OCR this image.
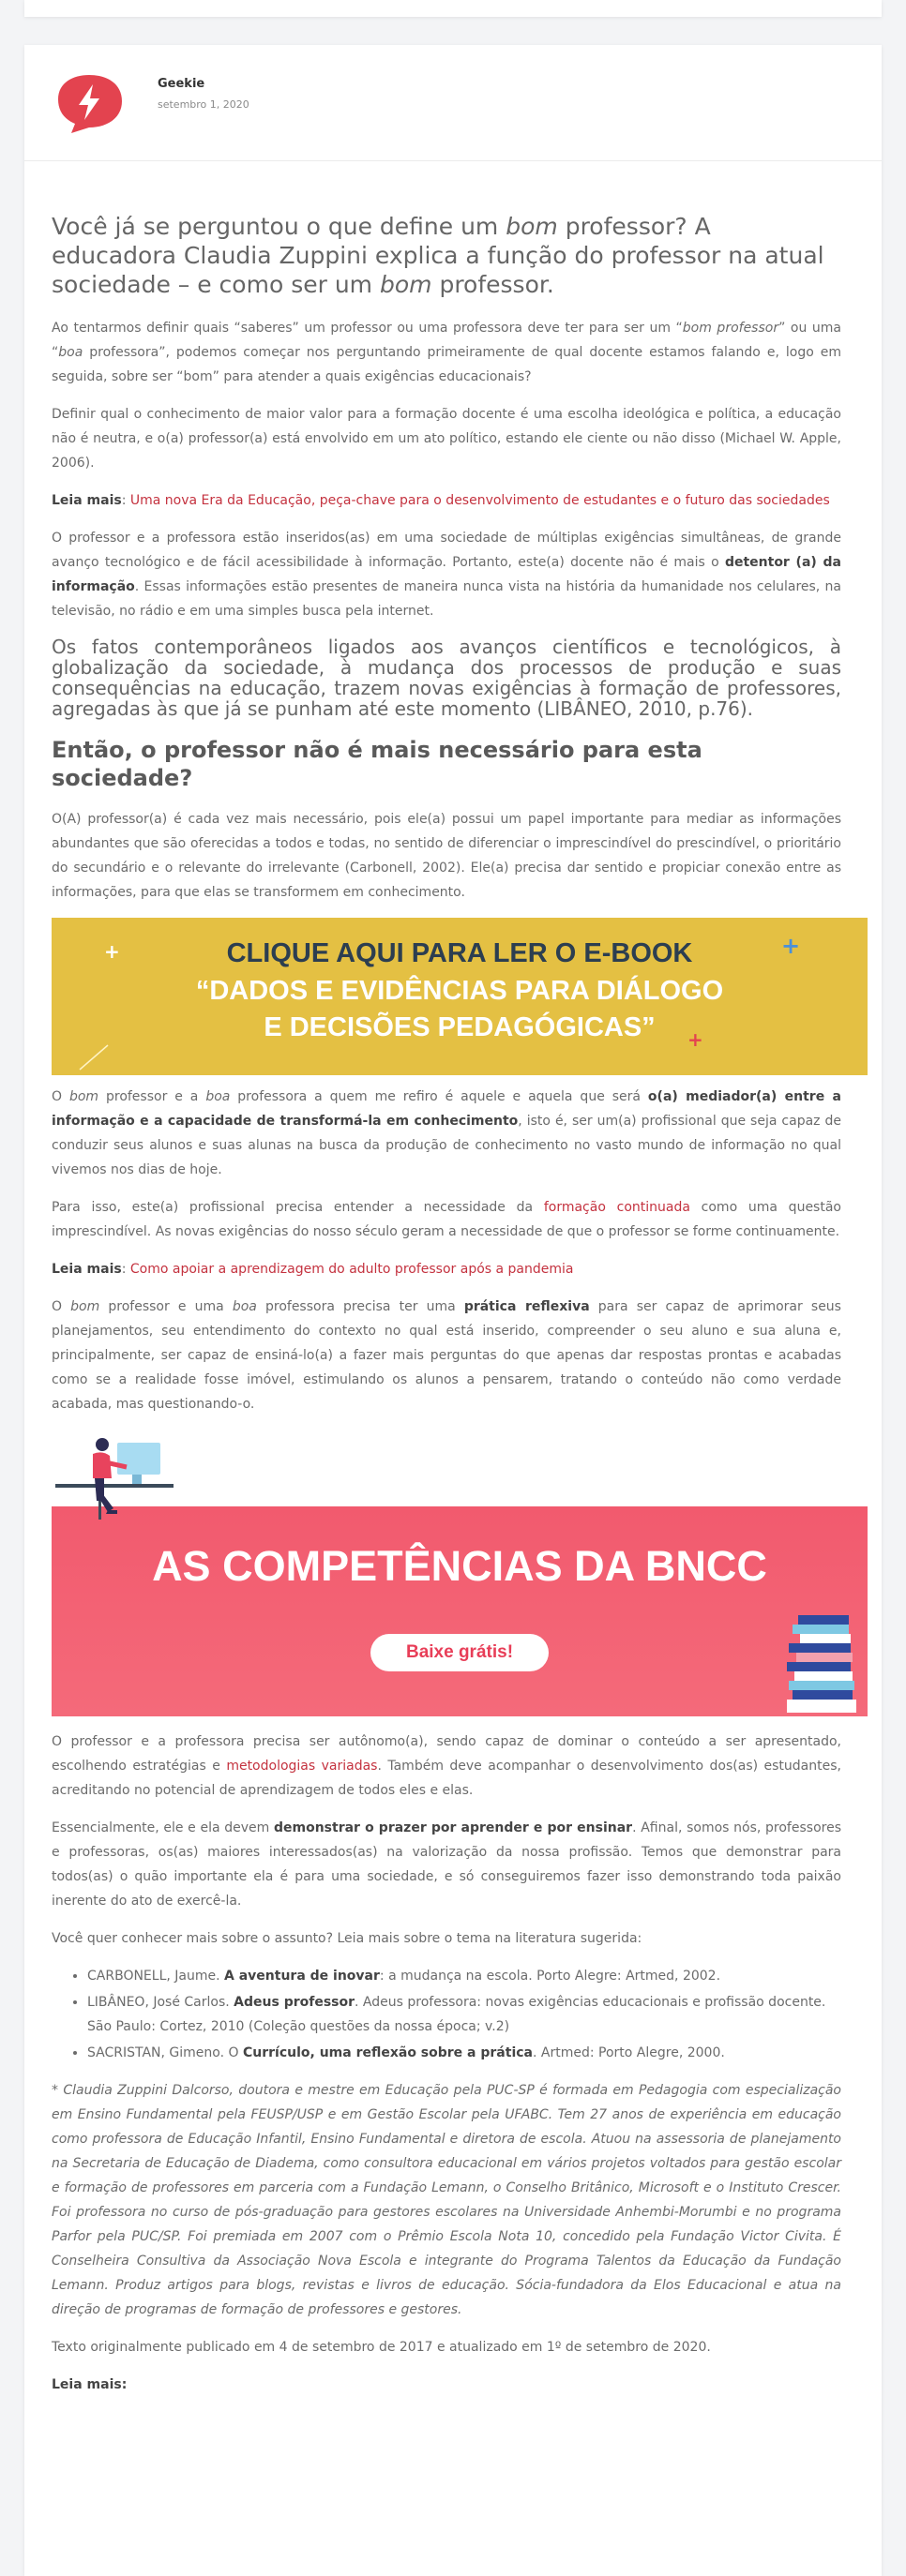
Geekie
setembro 1, 2020
Você já se perguntou o que define um bom professor? A educadora Claudia Zuppini explica a função do professor na atual sociedade – e como ser um bom professor.
Ao tentarmos definir quais “saberes” um professor ou uma professora deve ter para ser um “bom professor” ou uma “boa professora”, podemos começar nos perguntando primeiramente de qual docente estamos falando e, logo em seguida, sobre ser “bom” para atender a quais exigências educacionais?
Definir qual o conhecimento de maior valor para a formação docente é uma escolha ideológica e política, a educação não é neutra, e o(a) professor(a) está envolvido em um ato político, estando ele ciente ou não disso (Michael W. Apple, 2006).
Leia mais: Uma nova Era da Educação, peça-chave para o desenvolvimento de estudantes e o futuro das sociedades
O professor e a professora estão inseridos(as) em uma sociedade de múltiplas exigências simultâneas, de grande avanço tecnológico e de fácil acessibilidade à informação. Portanto, este(a) docente não é mais o detentor (a) da informação. Essas informações estão presentes de maneira nunca vista na história da humanidade nos celulares, na televisão, no rádio e em uma simples busca pela internet.
Os fatos contemporâneos ligados aos avanços científicos e tecnológicos, à globalização da sociedade, à mudança dos processos de produção e suas consequências na educação, trazem novas exigências à formação de professores, agregadas às que já se punham até este momento (LIBÂNEO, 2010, p.76).
Então, o professor não é mais necessário para esta sociedade?
O(A) professor(a) é cada vez mais necessário, pois ele(a) possui um papel importante para mediar as informações abundantes que são oferecidas a todos e todas, no sentido de diferenciar o imprescindível do prescindível, o prioritário do secundário e o relevante do irrelevante (Carbonell, 2002). Ele(a) precisa dar sentido e propiciar conexão entre as informações, para que elas se transformem em conhecimento.
+	+
+
CLIQUE AQUI PARA LER O E-BOOK
“DADOS E EVIDÊNCIAS PARA DIÁLOGO
E DECISÕES PEDAGÓGICAS”
O bom professor e a boa professora a quem me refiro é aquele e aquela que será o(a) mediador(a) entre a informação e a capacidade de transformá-la em conhecimento, isto é, ser um(a) profissional que seja capaz de conduzir seus alunos e suas alunas na busca da produção de conhecimento no vasto mundo de informação no qual vivemos nos dias de hoje.
Para isso, este(a) profissional precisa entender a necessidade da formação continuada como uma questão imprescindível. As novas exigências do nosso século geram a necessidade de que o professor se forme continuamente.
Leia mais: Como apoiar a aprendizagem do adulto professor após a pandemia
O bom professor e uma boa professora precisa ter uma prática reflexiva para ser capaz de aprimorar seus planejamentos, seu entendimento do contexto no qual está inserido, compreender o seu aluno e sua aluna e, principalmente, ser capaz de ensiná-lo(a) a fazer mais perguntas do que apenas dar respostas prontas e acabadas como se a realidade fosse imóvel, estimulando os alunos a pensarem, tratando o conteúdo não como verdade acabada, mas questionando-o.
AS COMPETÊNCIAS DA BNCC
Baixe grátis!
O professor e a professora precisa ser autônomo(a), sendo capaz de dominar o conteúdo a ser apresentado, escolhendo estratégias e metodologias variadas. Também deve acompanhar o desenvolvimento dos(as) estudantes, acreditando no potencial de aprendizagem de todos eles e elas.
Essencialmente, ele e ela devem demonstrar o prazer por aprender e por ensinar. Afinal, somos nós, professores e professoras, os(as) maiores interessados(as) na valorização da nossa profissão. Temos que demonstrar para todos(as) o quão importante ela é para uma sociedade, e só conseguiremos fazer isso demonstrando toda paixão inerente do ato de exercê-la.
Você quer conhecer mais sobre o assunto? Leia mais sobre o tema na literatura sugerida:
• CARBONELL, Jaume. A aventura de inovar: a mudança na escola. Porto Alegre: Artmed, 2002.
• LIBÂNEO, José Carlos. Adeus professor. Adeus professora: novas exigências educacionais e profissão docente. São Paulo: Cortez, 2010 (Coleção questões da nossa época; v.2)
• SACRISTAN, Gimeno. O Currículo, uma reflexão sobre a prática. Artmed: Porto Alegre, 2000.
* Claudia Zuppini Dalcorso, doutora e mestre em Educação pela PUC-SP é formada em Pedagogia com especialização em Ensino Fundamental pela FEUSP/USP e em Gestão Escolar pela UFABC. Tem 27 anos de experiência em educação como professora de Educação Infantil, Ensino Fundamental e diretora de escola. Atuou na assessoria de planejamento na Secretaria de Educação de Diadema, como consultora educacional em vários projetos voltados para gestão escolar e formação de professores em parceria com a Fundação Lemann, o Conselho Britânico, Microsoft e o Instituto Crescer. Foi professora no curso de pós-graduação para gestores escolares na Universidade Anhembi-Morumbi e no programa Parfor pela PUC/SP. Foi premiada em 2007 com o Prêmio Escola Nota 10, concedido pela Fundação Victor Civita. É Conselheira Consultiva da Associação Nova Escola e integrante do Programa Talentos da Educação da Fundação Lemann. Produz artigos para blogs, revistas e livros de educação. Sócia-fundadora da Elos Educacional e atua na direção de programas de formação de professores e gestores.
Texto originalmente publicado em 4 de setembro de 2017 e atualizado em 1º de setembro de 2020.
Leia mais:
